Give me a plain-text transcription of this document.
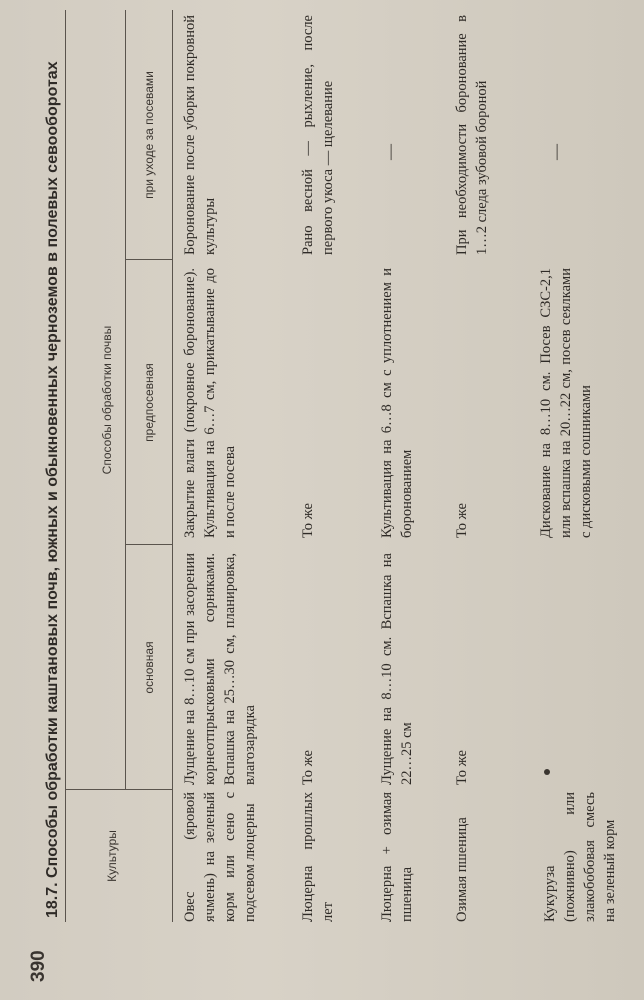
390
18.7. Способы обработки каштановых почв, южных и обыкновенных черноземов в полевых севооборотах	Культуры
Способы обработки почвы
основная
предпосевная
при уходе за посевами
Овес (яровой ячмень) на зеленый корм или сено с подсевом люцерны
Лущение на 8…10 см при засорении корнеотпрысковыми сорняками. Вспашка на 25…30 см, планировка, влагозарядка
Закрытие влаги (покровное боронование). Культивация на 6…7 см, прикатывание до и после посева
Боронование после уборки покровной культуры
Люцерна прошлых лет
То же
То же
Рано весной — рыхление, после первого укоса — щелевание
Люцерна + озимая пшеница
Лущение на 8…10 см. Вспашка на 22…25 см
Культивация на 6…8 см с уплотнением и боронованием
—
Озимая пшеница
То же
То же
При необходимости боронование в 1…2 следа зубовой бороной
Кукуруза (пожнивно) или злакобобовая смесь на зеленый корм
Дискование на 8…10 см. Посев СЗС-2,1 или вспашка на 20…22 см, посев сеялками с дисковыми сошниками
—
